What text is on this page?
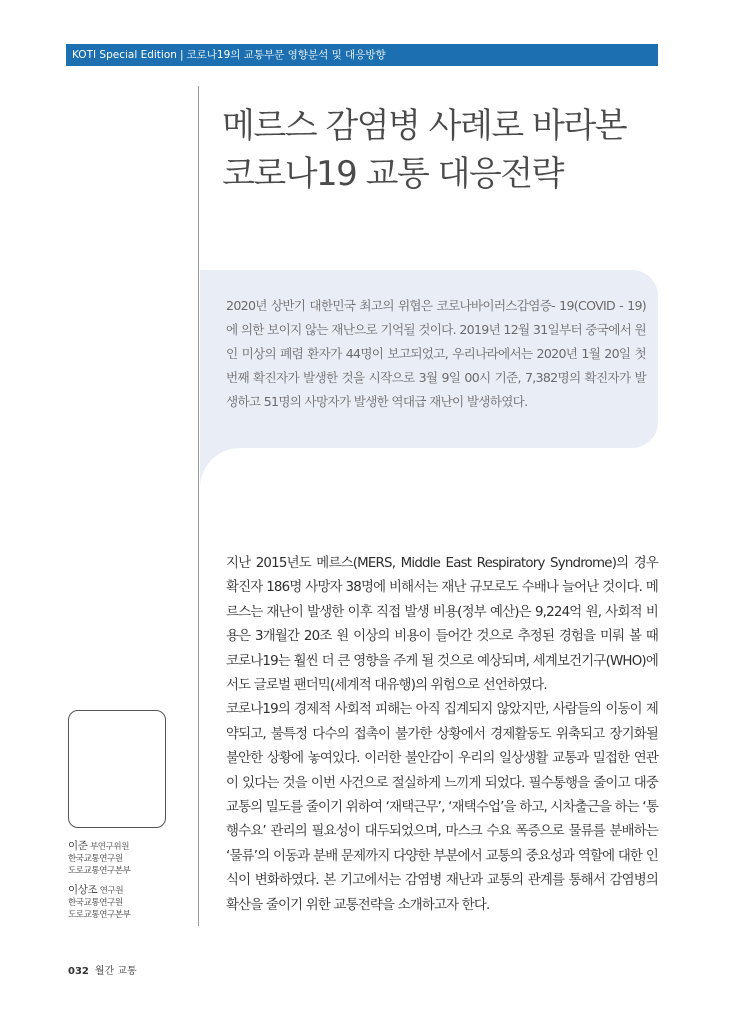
KOTI Special Edition | 코로나19의 교통부문 영향분석 및 대응방향
메르스 감염병 사례로 바라본
코로나19 교통 대응전략

2020년 상반기 대한민국 최고의 위협은 코로나바이러스감염증- 19(COVID - 19)에 의한 보이지 않는 재난으로 기억될 것이다. 2019년 12월 31일부터 중국에서 원인 미상의 폐렴 환자가 44명이 보고되었고, 우리나라에서는 2020년 1월 20일 첫 번째 확진자가 발생한 것을 시작으로 3월 9일 00시 기준, 7,382명의 확진자가 발생하고 51명의 사망자가 발생한 역대급 재난이 발생하였다.

지난 2015년도 메르스(MERS, Middle East Respiratory Syndrome)의 경우 확진자 186명 사망자 38명에 비해서는 재난 규모로도 수배나 늘어난 것이다. 메르스는 재난이 발생한 이후 직접 발생 비용(정부 예산)은 9,224억 원, 사회적 비용은 3개월간 20조 원 이상의 비용이 들어간 것으로 추정된 경험을 미뤄 볼 때 코로나19는 훨씬 더 큰 영향을 주게 될 것으로 예상되며, 세계보건기구(WHO)에서도 글로벌 팬더믹(세계적 대유행)의 위험으로 선언하였다.

코로나19의 경제적 사회적 피해는 아직 집계되지 않았지만, 사람들의 이동이 제약되고, 불특정 다수의 접촉이 불가한 상황에서 경제활동도 위축되고 장기화될 불안한 상황에 놓여있다. 이러한 불안감이 우리의 일상생활 교통과 밀접한 연관이 있다는 것을 이번 사건으로 절실하게 느끼게 되었다. 필수통행을 줄이고 대중교통의 밀도를 줄이기 위하여 ‘재택근무’, ‘재택수업’을 하고, 시차출근을 하는 ‘통행수요’ 관리의 필요성이 대두되었으며, 마스크 수요 폭증으로 물류를 분배하는 ‘물류’의 이동과 분배 문제까지 다양한 부분에서 교통의 중요성과 역할에 대한 인식이 변화하였다. 본 기고에서는 감염병 재난과 교통의 관계를 통해서 감염병의 확산을 줄이기 위한 교통전략을 소개하고자 한다.

이준 부연구위원
한국교통연구원
도로교통연구본부
이상조 연구원
한국교통연구원
도로교통연구본부
032 월간 교통
